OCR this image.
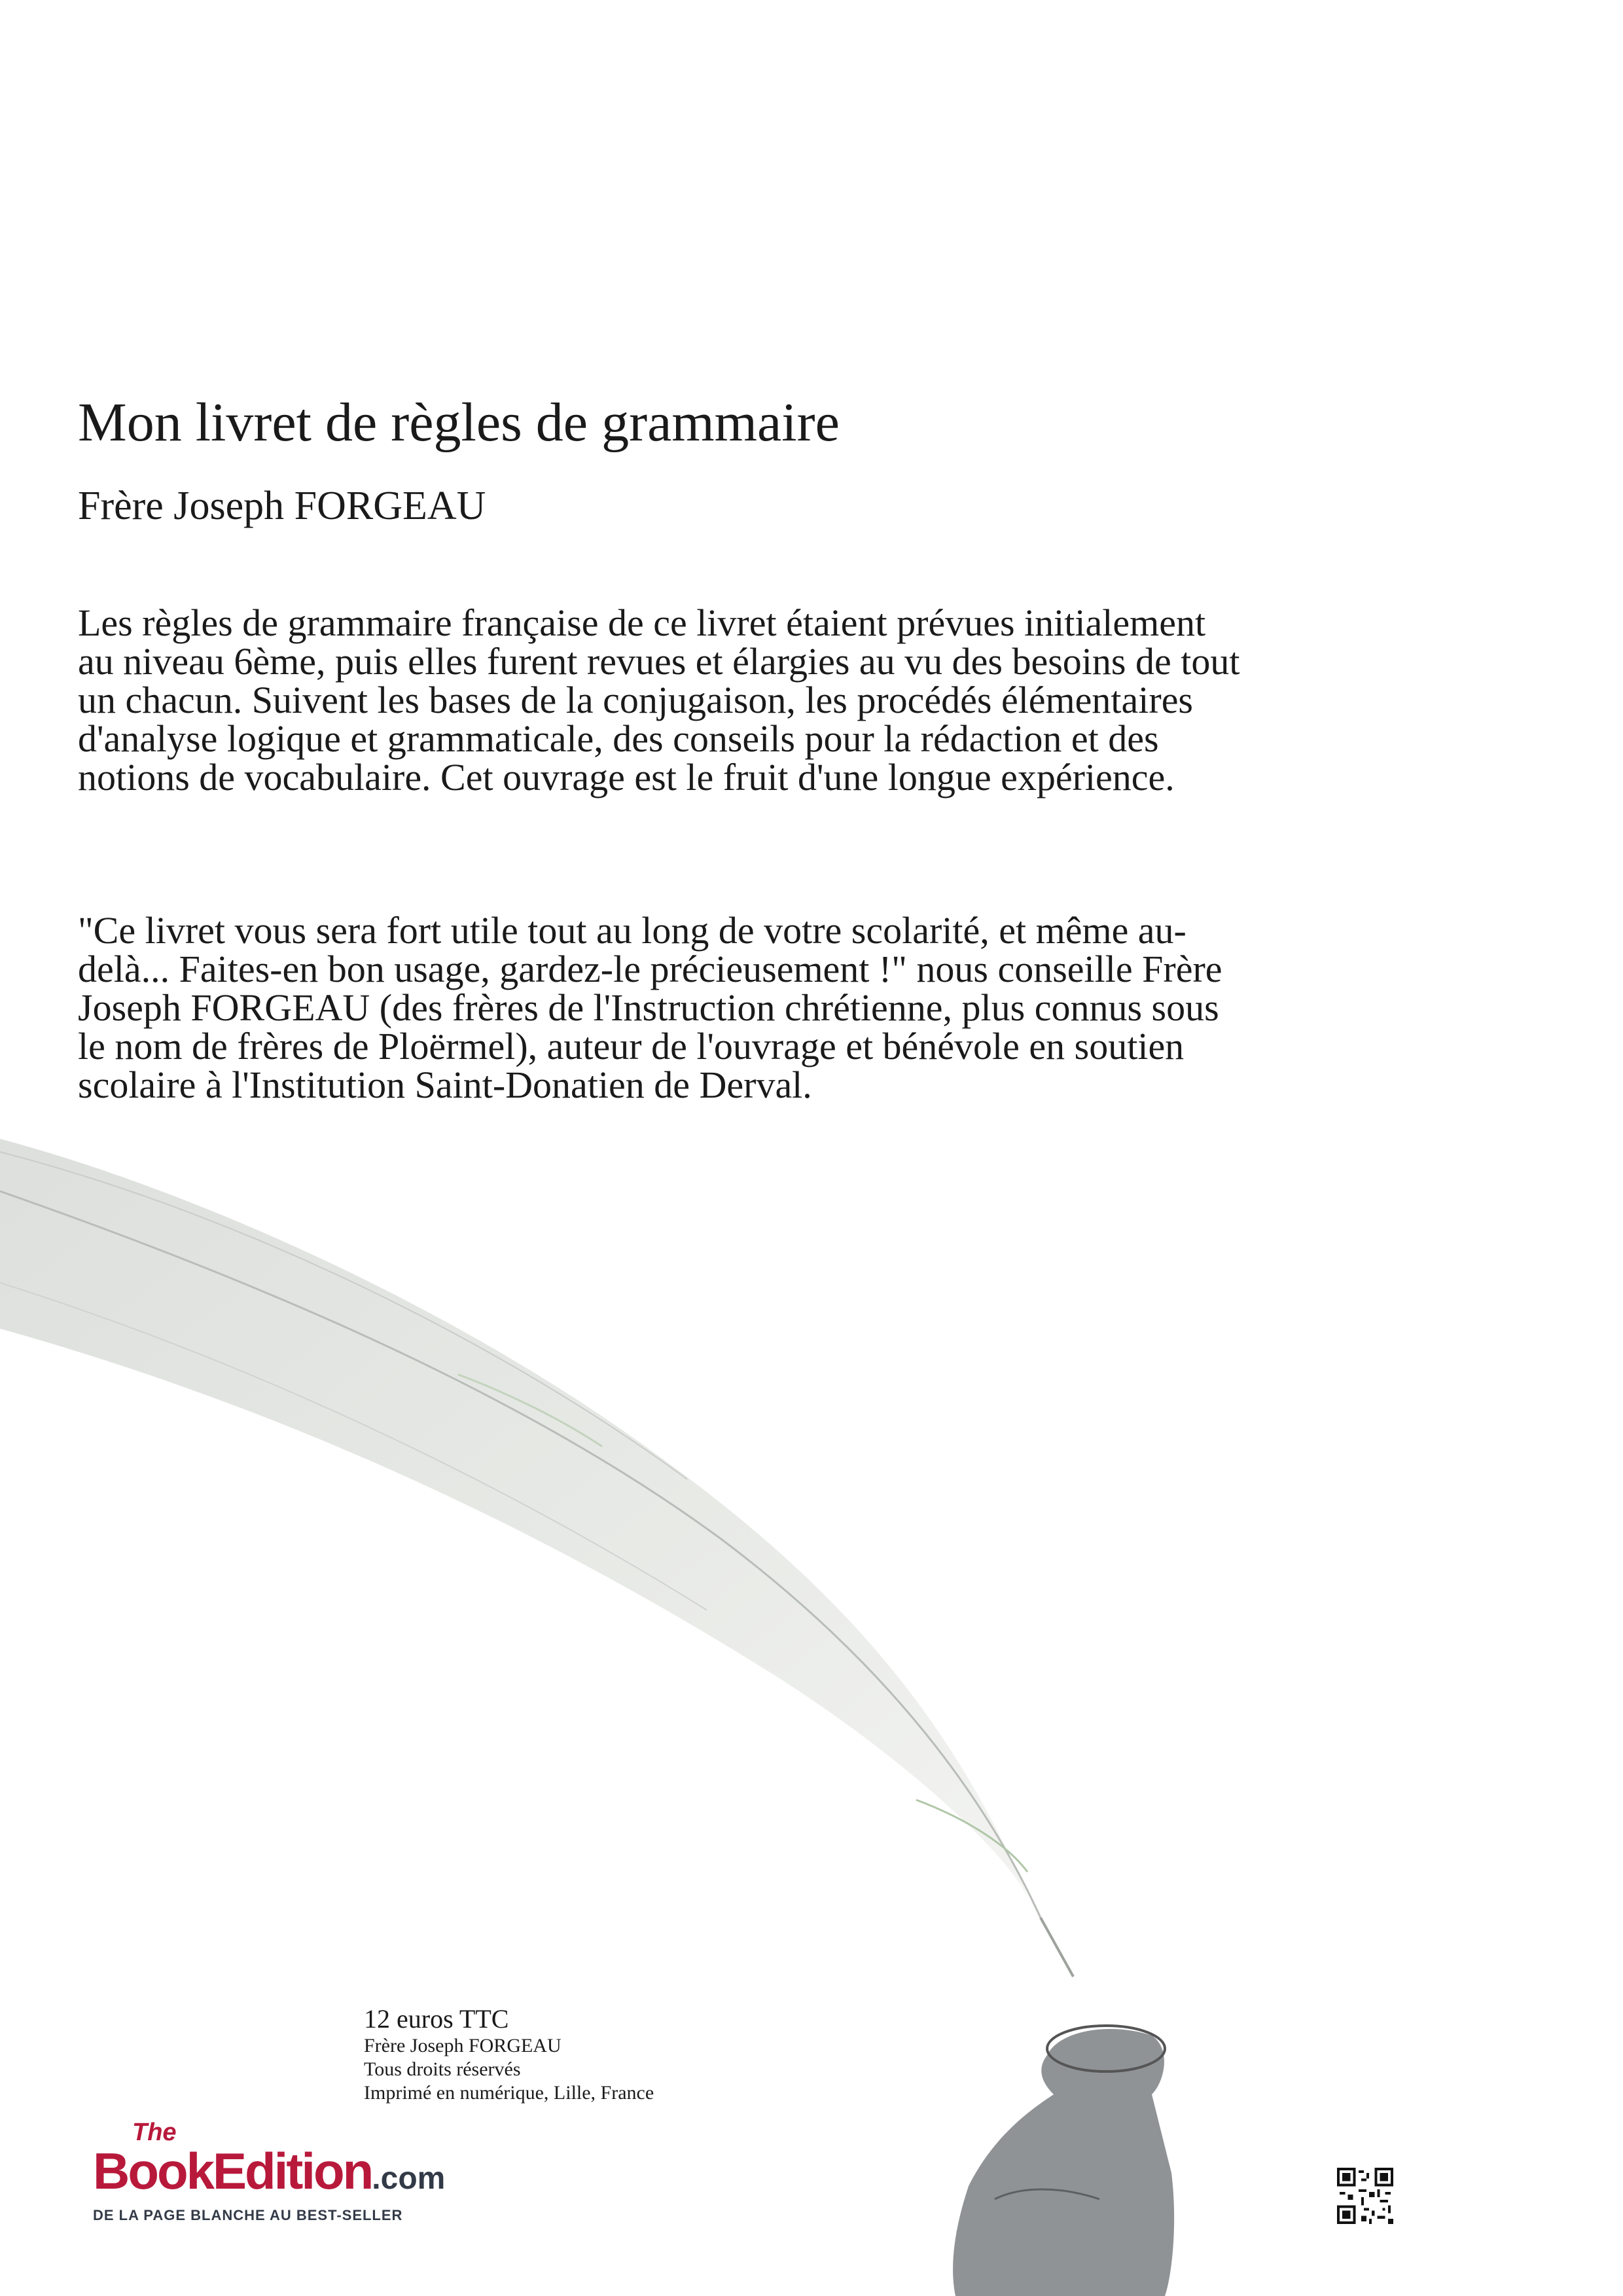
Mon livret de règles de grammaire
Frère Joseph FORGEAU

Les règles de grammaire française de ce livret étaient prévues initialement au niveau 6ème, puis elles furent revues et élargies au vu des besoins de tout un chacun. Suivent les bases de la conjugaison, les procédés élémentaires d'analyse logique et grammaticale, des conseils pour la rédaction et des notions de vocabulaire. Cet ouvrage est le fruit d'une longue expérience.

"Ce livret vous sera fort utile tout au long de votre scolarité, et même au-delà... Faites-en bon usage, gardez-le précieusement !" nous conseille Frère Joseph FORGEAU (des frères de l'Instruction chrétienne, plus connus sous le nom de frères de Ploërmel), auteur de l'ouvrage et bénévole en soutien scolaire à l'Institution Saint-Donatien de Derval.

12 euros TTC
Frère Joseph FORGEAU
Tous droits réservés
Imprimé en numérique, Lille, France
The
BookEdition.com
DE LA PAGE BLANCHE AU BEST-SELLER
